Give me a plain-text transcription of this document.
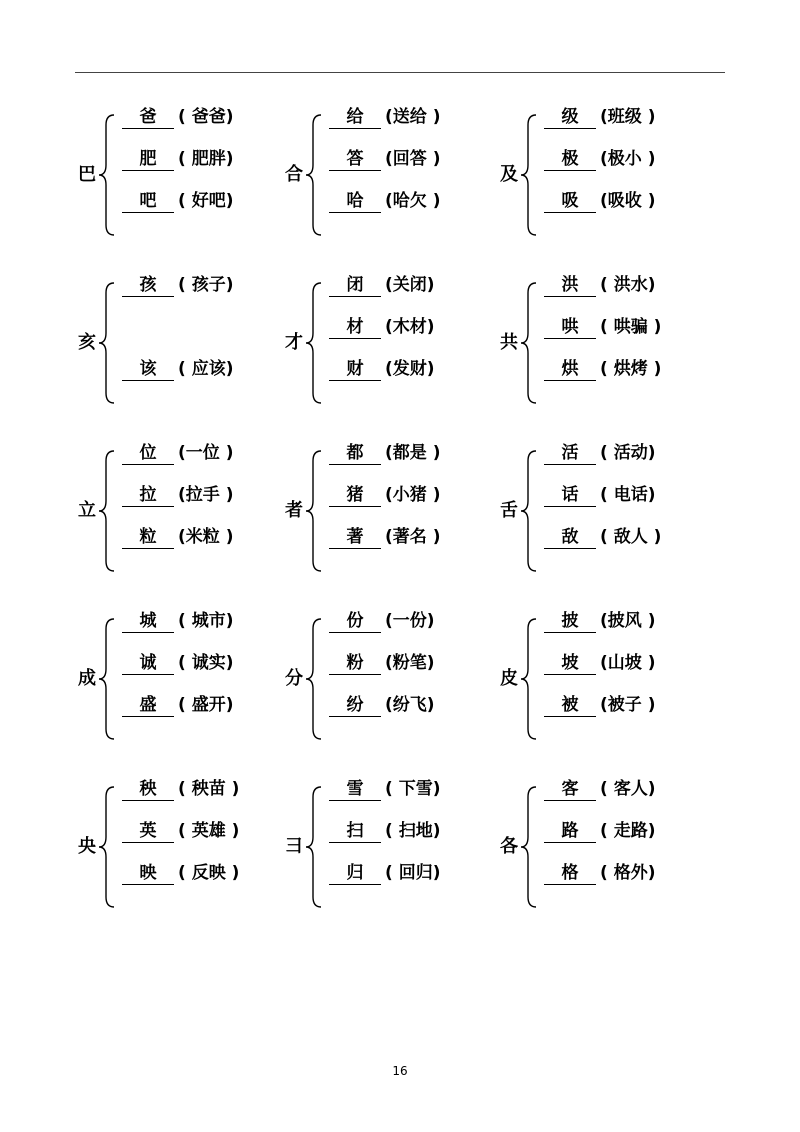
巴
爸 ( 爸爸)
肥 ( 肥胖)
吧 ( 好吧)
合
给 (送给 )
答 (回答 )
哈 (哈欠 )
及
级 (班级 )
极 (极小 )
吸 (吸收 )
亥
孩 ( 孩子)
该 ( 应该)
才
闭 (关闭)
材 (木材)
财 (发财)
共
洪 ( 洪水)
哄 ( 哄骗 )
烘 ( 烘烤 )
立
位 (一位 )
拉 (拉手 )
粒 (米粒 )
者
都 (都是 )
猪 (小猪 )
著 (著名 )
舌
活 ( 活动)
话 ( 电话)
敌 ( 敌人 )
成
城 ( 城市)
诚 ( 诚实)
盛 ( 盛开)
分
份 (一份)
粉 (粉笔)
纷 (纷飞)
皮
披 (披风 )
坡 (山坡 )
被 (被子 )
央
秧 ( 秧苗 )
英 ( 英雄 )
映 ( 反映 )
彐
雪 ( 下雪)
扫 ( 扫地)
归 ( 回归)
各
客 ( 客人)
路 ( 走路)
格 ( 格外)
16
